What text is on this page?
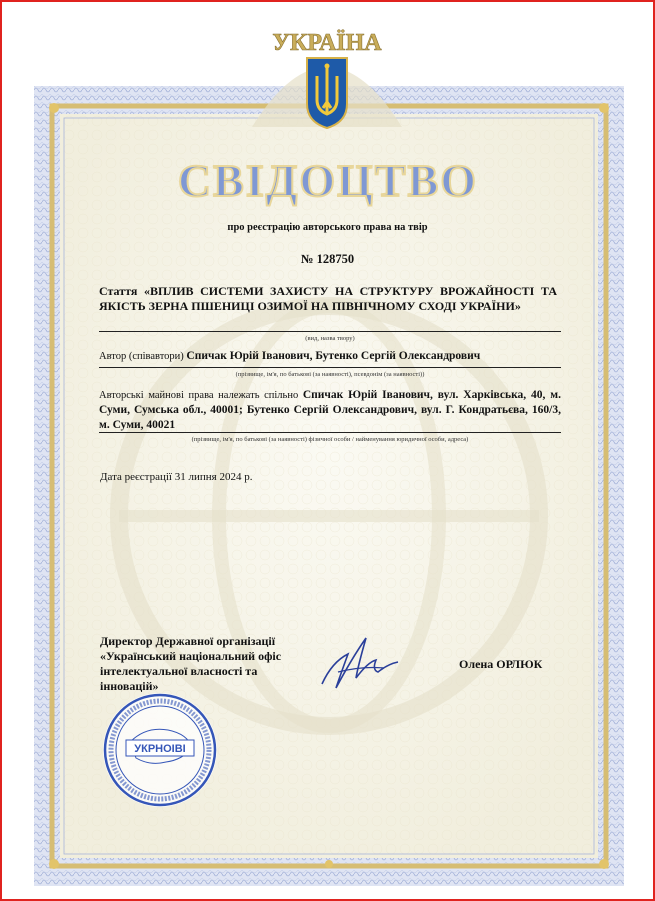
УКРАЇНА
СВІДОЦТВО
про реєстрацію авторського права на твір
№ 128750
Стаття «ВПЛИВ СИСТЕМИ ЗАХИСТУ НА СТРУКТУРУ ВРОЖАЙНОСТІ ТА ЯКІСТЬ ЗЕРНА ПШЕНИЦІ ОЗИМОЇ НА ПІВНІЧНОМУ СХОДІ УКРАЇНИ»
(вид, назва твору)
Автор (співавтори) Спичак Юрій Іванович, Бутенко Сергій Олександрович
(прізвище, ім'я, по батькові (за наявності), псевдонім (за наявності))
Авторські майнові права належать спільно Спичак Юрій Іванович, вул. Харківська, 40, м. Суми, Сумська обл., 40001; Бутенко Сергій Олександрович, вул. Г. Кондратьєва, 160/3, м. Суми, 40021
(прізвище, ім'я, по батькові (за наявності) фізичної особи / найменування юридичної особи, адреса)
Дата реєстрації 31 липня 2024 р.
Директор Державної організації «Український національний офіс інтелектуальної власності та інновацій»
Олена ОРЛЮК
УКРНОІВІ
